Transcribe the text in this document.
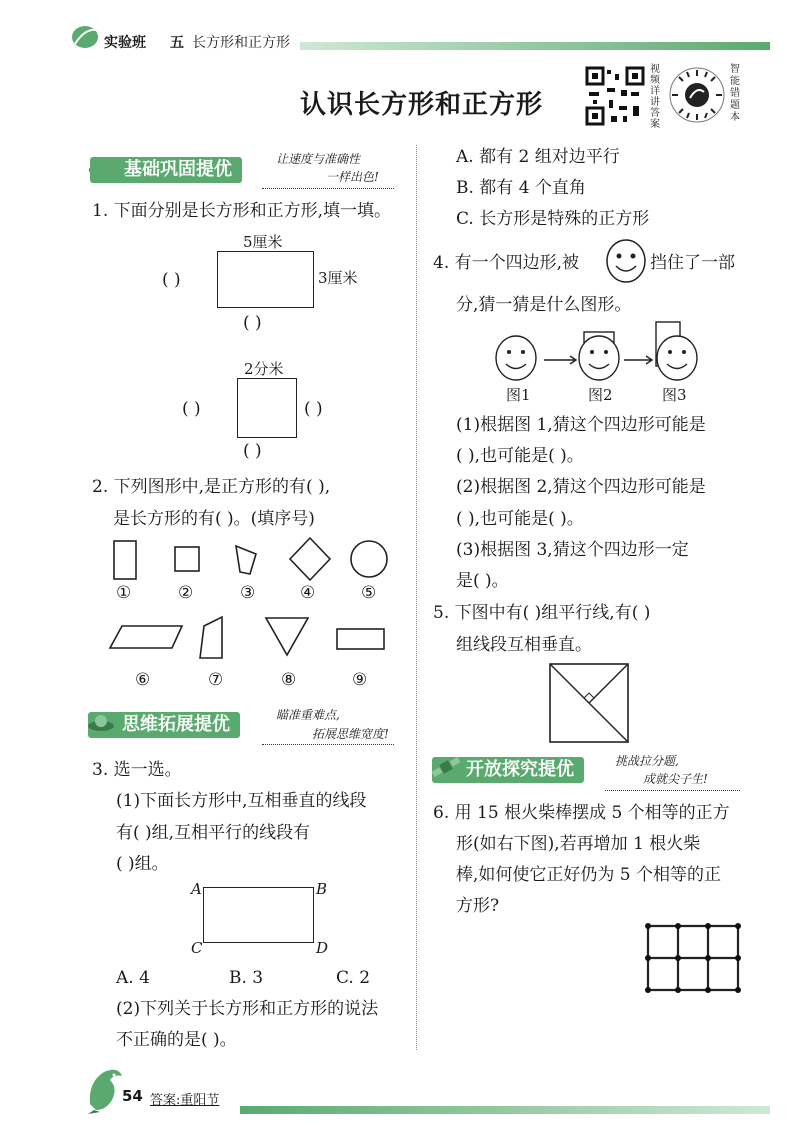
实验班 五 长方形和正方形
认识长方形和正方形
视频详讲答案
智能错题本
基础巩固提优	让速度与准确性
一样出色!
1. 下面分别是长方形和正方形,填一填。
5厘米
3厘米
( )
( )
2分米
( )	( )
( )
2. 下列图形中,是正方形的有( ),
是长方形的有( )。(填序号)
①	②	③	④	⑤
⑥	⑦	⑧	⑨
思维拓展提优	瞄准重难点,
拓展思维宽度!
3. 选一选。
(1)下面长方形中,互相垂直的线段
有( )组,互相平行的线段有
( )组。
A	B
C	D
A. 4	B. 3	C. 2
(2)下列关于长方形和正方形的说法
不正确的是( )。
A. 都有 2 组对边平行
B. 都有 4 个直角
C. 长方形是特殊的正方形
4. 有一个四边形,被	挡住了一部
分,猜一猜是什么图形。
图1	图2	图3
(1)根据图 1,猜这个四边形可能是
( ),也可能是( )。
(2)根据图 2,猜这个四边形可能是
( ),也可能是( )。
(3)根据图 3,猜这个四边形一定
是( )。
5. 下图中有( )组平行线,有( )
组线段互相垂直。
开放探究提优	挑战拉分题,
成就尖子生!
6. 用 15 根火柴棒摆成 5 个相等的正方
形(如右下图),若再增加 1 根火柴
棒,如何使它正好仍为 5 个相等的正
方形?
54 答案:重阳节
